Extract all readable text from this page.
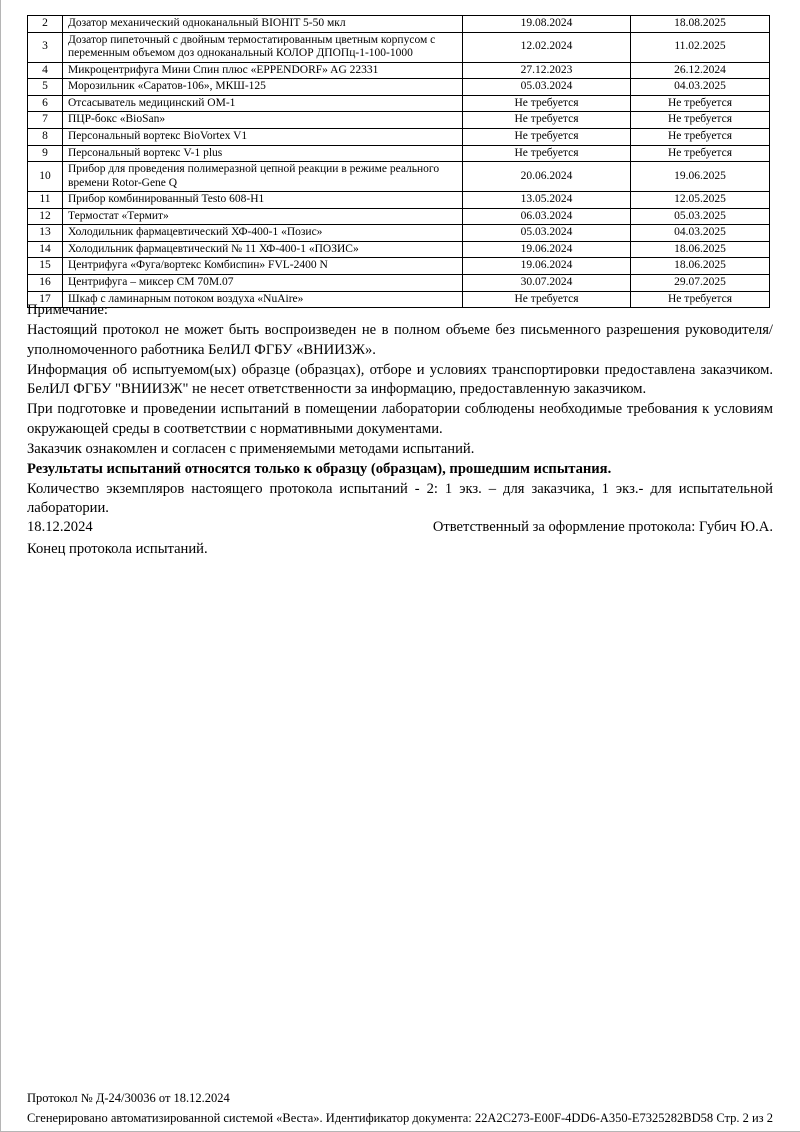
2	Дозатор механический одноканальный BIOHIT 5-50 мкл	19.08.2024	18.08.2025
3	Дозатор пипеточный с двойным термостатированным цветным корпусом с переменным объемом доз одноканальный КОЛОР ДПОПц-1-100-1000	12.02.2024	11.02.2025
4	Микроцентрифуга Мини Спин плюс «EPPENDORF» AG 22331	27.12.2023	26.12.2024
5	Морозильник «Саратов-106», МКШ-125	05.03.2024	04.03.2025
6	Отсасыватель медицинский ОМ-1	Не требуется	Не требуется
7	ПЦР-бокс «BioSan»	Не требуется	Не требуется
8	Персональный вортекс BioVortex V1	Не требуется	Не требуется
9	Персональный вортекс V-1 plus	Не требуется	Не требуется
10	Прибор для проведения полимеразной цепной реакции в режиме реального времени Rotor-Gene Q	20.06.2024	19.06.2025
11	Прибор комбинированный Testo 608-H1	13.05.2024	12.05.2025
12	Термостат «Термит»	06.03.2024	05.03.2025
13	Холодильник фармацевтический ХФ-400-1 «Позис»	05.03.2024	04.03.2025
14	Холодильник фармацевтический № 11 ХФ-400-1 «ПОЗИС»	19.06.2024	18.06.2025
15	Центрифуга «Фуга/вортекс Комбиспин» FVL-2400 N	19.06.2024	18.06.2025
16	Центрифуга – миксер СМ 70М.07	30.07.2024	29.07.2025
17	Шкаф с ламинарным потоком воздуха «NuAire»	Не требуется	Не требуется

Примечание:

Настоящий протокол не может быть воспроизведен не в полном объеме без письменного разрешения руководителя/уполномоченного работника БелИЛ ФГБУ «ВНИИЗЖ».

Информация об испытуемом(ых) образце (образцах), отборе и условиях транспортировки предоставлена заказчиком. БелИЛ ФГБУ "ВНИИЗЖ" не несет ответственности за информацию, предоставленную заказчиком.

При подготовке и проведении испытаний в помещении лаборатории соблюдены необходимые требования к условиям окружающей среды в соответствии с нормативными документами.

Заказчик ознакомлен и согласен с применяемыми методами испытаний.

Результаты испытаний относятся только к образцу (образцам), прошедшим испытания.

Количество экземпляров настоящего протокола испытаний - 2: 1 экз. – для заказчика, 1 экз.- для испытательной лаборатории.

18.12.2024	Ответственный за оформление протокола: Губич Ю.А.
Конец протокола испытаний.
Протокол № Д-24/30036 от 18.12.2024
Сгенерировано автоматизированной системой «Веста». Идентификатор документа: 22A2C273-E00F-4DD6-A350-E7325282BD58 Стр. 2 из 2
